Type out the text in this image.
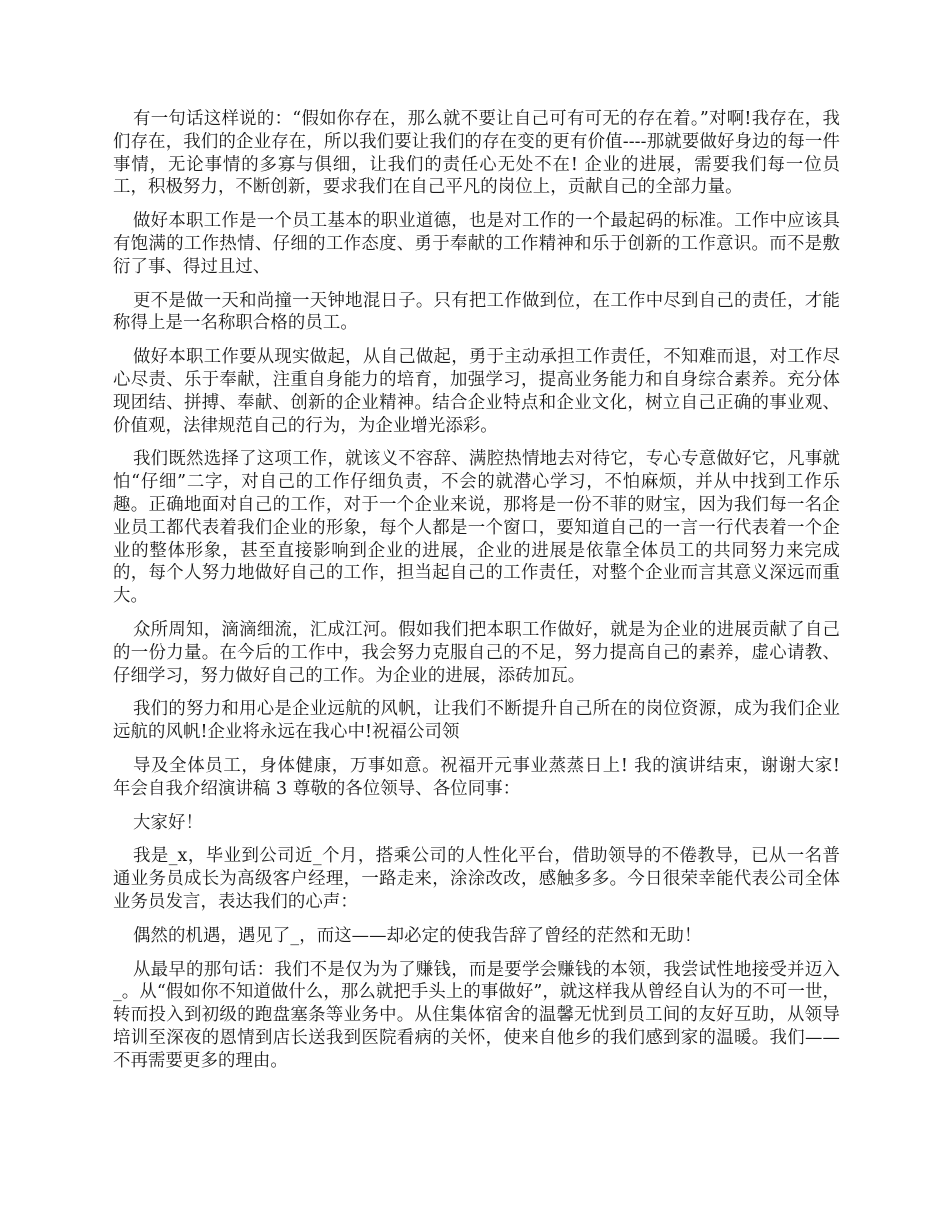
有一句话这样说的：“假如你存在，那么就不要让自己可有可无的存在着。”对啊!我存在，我们存在，我们的企业存在，所以我们要让我们的存在变的更有价值----那就要做好身边的每一件事情，无论事情的多寡与俱细，让我们的责任心无处不在! 企业的进展，需要我们每一位员工，积极努力，不断创新，要求我们在自己平凡的岗位上，贡献自己的全部力量。

做好本职工作是一个员工基本的职业道德，也是对工作的一个最起码的标准。工作中应该具有饱满的工作热情、仔细的工作态度、勇于奉献的工作精神和乐于创新的工作意识。而不是敷衍了事、得过且过、

更不是做一天和尚撞一天钟地混日子。只有把工作做到位，在工作中尽到自己的责任，才能称得上是一名称职合格的员工。

做好本职工作要从现实做起，从自己做起，勇于主动承担工作责任，不知难而退，对工作尽心尽责、乐于奉献，注重自身能力的培育，加强学习，提高业务能力和自身综合素养。充分体现团结、拼搏、奉献、创新的企业精神。结合企业特点和企业文化，树立自己正确的事业观、价值观，法律规范自己的行为，为企业增光添彩。

我们既然选择了这项工作，就该义不容辞、满腔热情地去对待它，专心专意做好它，凡事就怕“仔细”二字，对自己的工作仔细负责，不会的就潜心学习，不怕麻烦，并从中找到工作乐趣。正确地面对自己的工作，对于一个企业来说，那将是一份不菲的财宝，因为我们每一名企业员工都代表着我们企业的形象，每个人都是一个窗口，要知道自己的一言一行代表着一个企业的整体形象，甚至直接影响到企业的进展，企业的进展是依靠全体员工的共同努力来完成的，每个人努力地做好自己的工作，担当起自己的工作责任，对整个企业而言其意义深远而重大。

众所周知，滴滴细流，汇成江河。假如我们把本职工作做好，就是为企业的进展贡献了自己的一份力量。在今后的工作中，我会努力克服自己的不足，努力提高自己的素养，虚心请教、仔细学习，努力做好自己的工作。为企业的进展，添砖加瓦。

我们的努力和用心是企业远航的风帆，让我们不断提升自己所在的岗位资源，成为我们企业远航的风帆!企业将永远在我心中!祝福公司领

导及全体员工，身体健康，万事如意。祝福开元事业蒸蒸日上! 我的演讲结束，谢谢大家! 年会自我介绍演讲稿 3 尊敬的各位领导、各位同事：

大家好！

我是_x，毕业到公司近_个月，搭乘公司的人性化平台，借助领导的不倦教导，已从一名普通业务员成长为高级客户经理，一路走来，涂涂改改，感触多多。今日很荣幸能代表公司全体业务员发言，表达我们的心声：

偶然的机遇，遇见了_，而这——却必定的使我告辞了曾经的茫然和无助！

从最早的那句话：我们不是仅为为了赚钱，而是要学会赚钱的本领，我尝试性地接受并迈入_。从“假如你不知道做什么，那么就把手头上的事做好”，就这样我从曾经自认为的不可一世，转而投入到初级的跑盘塞条等业务中。从住集体宿舍的温馨无忧到员工间的友好互助，从领导培训至深夜的恩情到店长送我到医院看病的关怀，使来自他乡的我们感到家的温暖。我们——不再需要更多的理由。
